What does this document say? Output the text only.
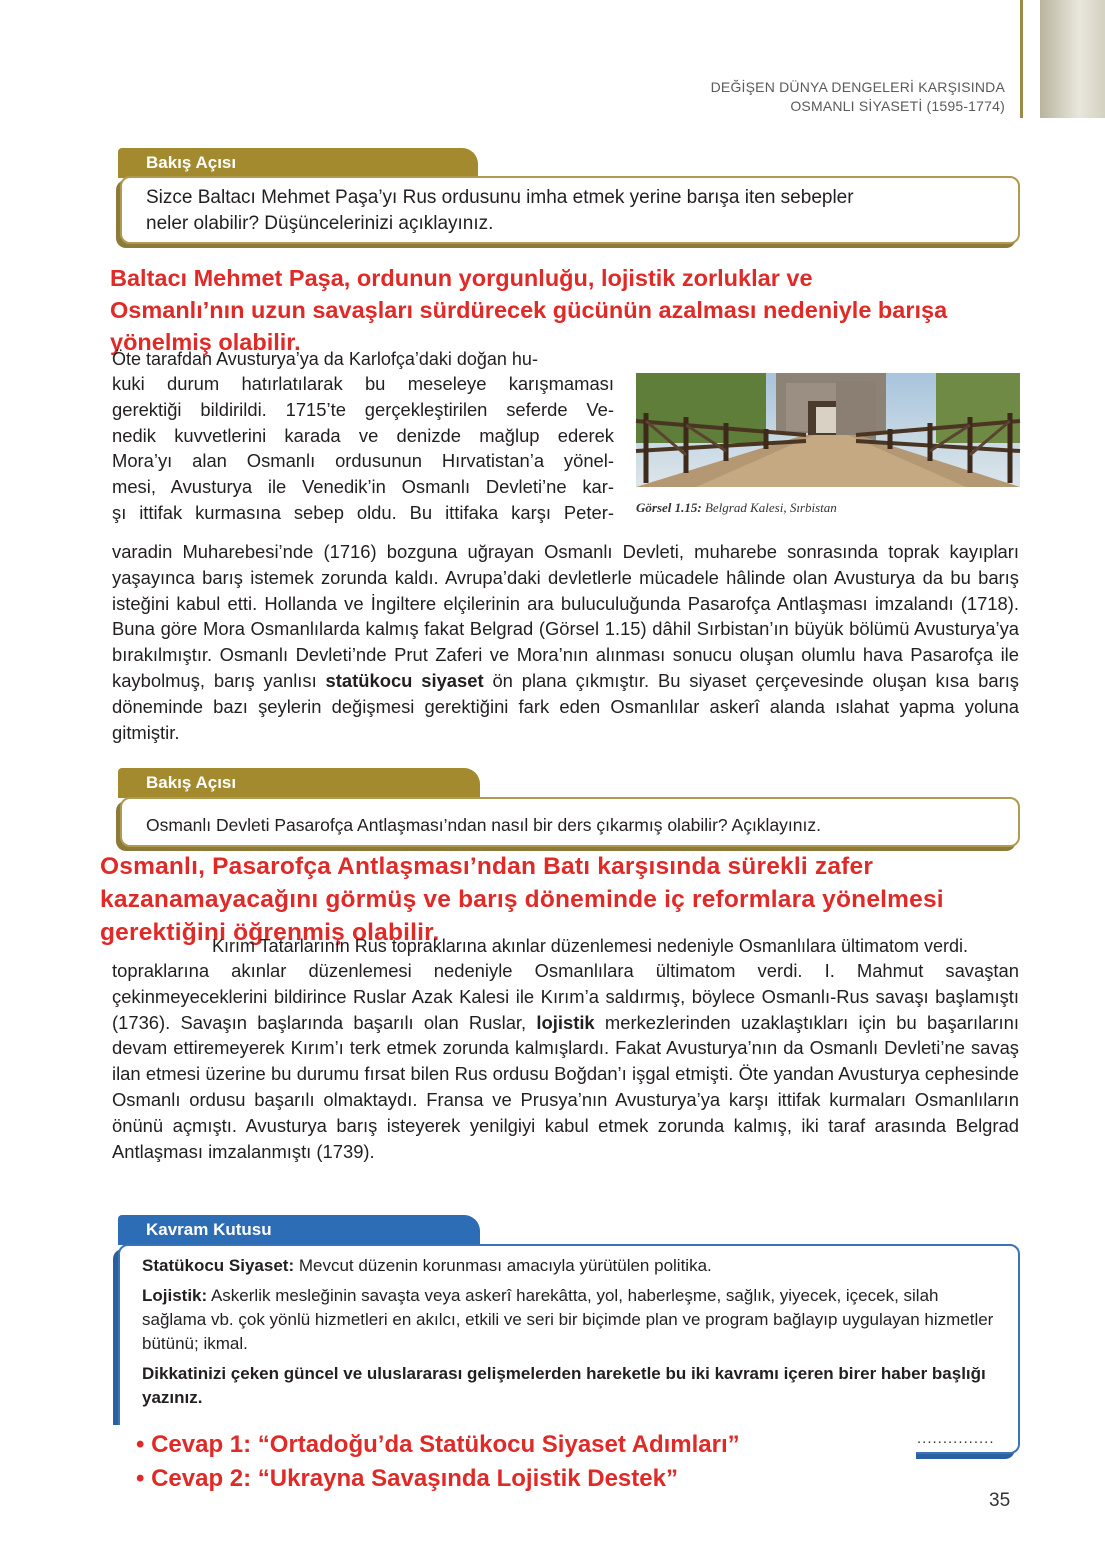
DEĞİŞEN DÜNYA DENGELERİ KARŞISINDA
OSMANLI SİYASETİ (1595-1774)
Bakış Açısı
Sizce Baltacı Mehmet Paşa’yı Rus ordusunu imha etmek yerine barışa iten sebepler
neler olabilir? Düşüncelerinizi açıklayınız.
Baltacı Mehmet Paşa, ordunun yorgunluğu, lojistik zorluklar ve
Osmanlı’nın uzun savaşları sürdürecek gücünün azalması nedeniyle barışa
yönelmiş olabilir.
Öte tarafdan Avusturya’ya da Karlofça’daki doğan hu-
kuki durum hatırlatılarak bu meseleye karışmaması
gerektiği bildirildi. 1715’te gerçekleştirilen seferde Ve-
nedik kuvvetlerini karada ve denizde mağlup ederek
Mora’yı alan Osmanlı ordusunun Hırvatistan’a yönel-
mesi, Avusturya ile Venedik’in Osmanlı Devleti’ne kar-
şı ittifak kurmasına sebep oldu. Bu ittifaka karşı Peter- Görsel 1.15: Belgrad Kalesi, Sırbistan
varadin Muharebesi’nde (1716) bozguna uğrayan Osmanlı Devleti, muharebe sonrasında toprak kayıpları yaşayınca barış istemek zorunda kaldı. Avrupa’daki devletlerle mücadele hâlinde olan Avusturya da bu barış isteğini kabul etti. Hollanda ve İngiltere elçilerinin ara buluculuğunda Pasarofça Antlaşması imzalandı (1718). Buna göre Mora Osmanlılarda kalmış fakat Belgrad (Görsel 1.15) dâhil Sırbistan’ın büyük bölümü Avusturya’ya bırakılmıştır. Osmanlı Devleti’nde Prut Zaferi ve Mora’nın alınması sonucu oluşan olumlu hava Pasarofça ile kaybolmuş, barış yanlısı statükocu siyaset ön plana çıkmıştır. Bu siyaset çerçevesinde oluşan kısa barış döneminde bazı şeylerin değişmesi gerektiğini fark eden Osmanlılar askerî alanda ıslahat yapma yoluna gitmiştir.
Bakış Açısı
Osmanlı Devleti Pasarofça Antlaşması’ndan nasıl bir ders çıkarmış olabilir? Açıklayınız.
Osmanlı, Pasarofça Antlaşması’ndan Batı karşısında sürekli zafer
kazanamayacağını görmüş ve barış döneminde iç reformlara yönelmesi
gerektiğini öğrenmiş olabilir.
Kırım Tatarlarının Rus topraklarına akınlar düzenlemesi nedeniyle Osmanlılara ültimatom verdi.
topraklarına akınlar düzenlemesi nedeniyle Osmanlılara ültimatom verdi. I. Mahmut savaştan çekinmeyeceklerini bildirince Ruslar Azak Kalesi ile Kırım’a saldırmış, böylece Osmanlı-Rus savaşı başlamıştı (1736). Savaşın başlarında başarılı olan Ruslar, lojistik merkezlerinden uzaklaştıkları için bu başarılarını devam ettiremeyerek Kırım’ı terk etmek zorunda kalmışlardı. Fakat Avusturya’nın da Osmanlı Devleti’ne savaş ilan etmesi üzerine bu durumu fırsat bilen Rus ordusu Boğdan’ı işgal etmişti. Öte yandan Avusturya cephesinde Osmanlı ordusu başarılı olmaktaydı. Fransa ve Prusya’nın Avusturya’ya karşı ittifak kurmaları Osmanlıların önünü açmıştı. Avusturya barış isteyerek yenilgiyi kabul etmek zorunda kalmış, iki taraf arasında Belgrad Antlaşması imzalanmıştı (1739).
Kavram Kutusu

Statükocu Siyaset: Mevcut düzenin korunması amacıyla yürütülen politika.

Lojistik: Askerlik mesleğinin savaşta veya askerî harekâtta, yol, haberleşme, sağlık, yiyecek, içecek, silah sağlama vb. çok yönlü hizmetleri en akılcı, etkili ve seri bir biçimde plan ve program bağlayıp uygulayan hizmetler bütünü; ikmal.

Dikkatinizi çeken güncel ve uluslararası gelişmelerden hareketle bu iki kavramı içeren birer haber başlığı yazınız.

...............
• Cevap 1: “Ortadoğu’da Statükocu Siyaset Adımları”
• Cevap 2: “Ukrayna Savaşında Lojistik Destek”
35
